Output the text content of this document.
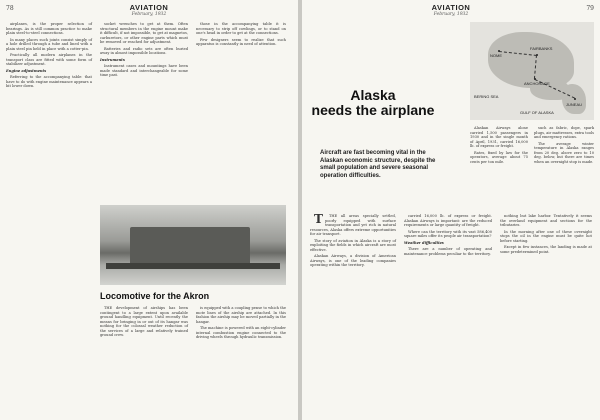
78	AVIATION
February, 1932

airplanes, is the proper selection of bearings. As is still common practice to make plain steel-to-steel connections.

In many places such joints consist simply of a hole drilled through a tube and lined with a plain steel pin held in place with a cotter-pin.

Practically all modern airplanes in the transport class are fitted with some form of stabilizer adjustment.

Engine adjustments

Referring to the accompanying table: that have to do with engine maintenance appears a bit lower down.

socket wrenches to get at them. Often structural members in the engine mount make it difficult, if not impossible, to get at magnetos, carburetors, or other engine parts which must be removed or reached for adjustment.

Batteries and radio sets are often buried away in almost impossible locations.

Instruments

Instrument cases and mountings have been made standard and interchangeable for some time past.

those in the accompanying table it is necessary to strip off cowlings, or to stand on one's head in order to get at the connections.

Few designers seem to realize that such apparatus is constantly in need of attention.

Locomotive for the Akron

THE development of airships has been contingent to a large extent upon available ground handling equipment. Until recently the means for bringing in or out of its hangar was nothing for the colossal weather reduction of the services of a large and relatively trained ground crew.

is equipped with a coupling pense to which the mote lines of the airship are attached. In this fashion the airship may be moved partially in the hangar.

The machine is powered with an eight-cylinder internal combustion engine connected to the driving wheels through hydraulic transmission.

79
AVIATION
February, 1932
Alaska
needs the airplane
Aircraft are fast becoming vital in the Alaskan economic structure, despite the small population and severe seasonal operation difficulties.
NOME
FAIRBANKS
ANCHORAGE
JUNEAU
BERING SEA
GULF OF ALASKA

Alaskan Airways alone carried 1,500 passengers in 1930 and in the single month of April, 1931, carried 16,000 lb. of express or freight.

Rates, fixed by law for the operators, average about 75 cents per ton mile.

such as fabric, dope, spark plugs, air mattresses, extra tools and emergency rations.

The average winter temperature in Alaska ranges from 20 deg. above zero to 10 deg. below, but there are times when an overnight stop is made.

T THE all areas specially settled, poorly equipped with surface transportation and yet rich in natural resources, Alaska offers extreme opportunities for air transport.

The story of aviation in Alaska is a story of exploiting the fields in which aircraft are most effective.

Alaskan Airways, a division of American Airways, is one of the leading companies operating within the territory.

carried 16,000 lb. of express or freight. Alaskan Airways is important: are the reduced requirements or large quantity of freight.

Where can the territory with its vast 586,400 square miles offer its people air transportation?

Weather difficulties

There are a number of operating and maintenance problems peculiar to the territory.

nothing but lake harbor. Tentatively it seems the overland equipment and sections for the tributaries.

In the morning after one of these overnight stops the oil in the engine must be quite hot before starting.

Except in few instances, the landing is made at some predetermined point.
